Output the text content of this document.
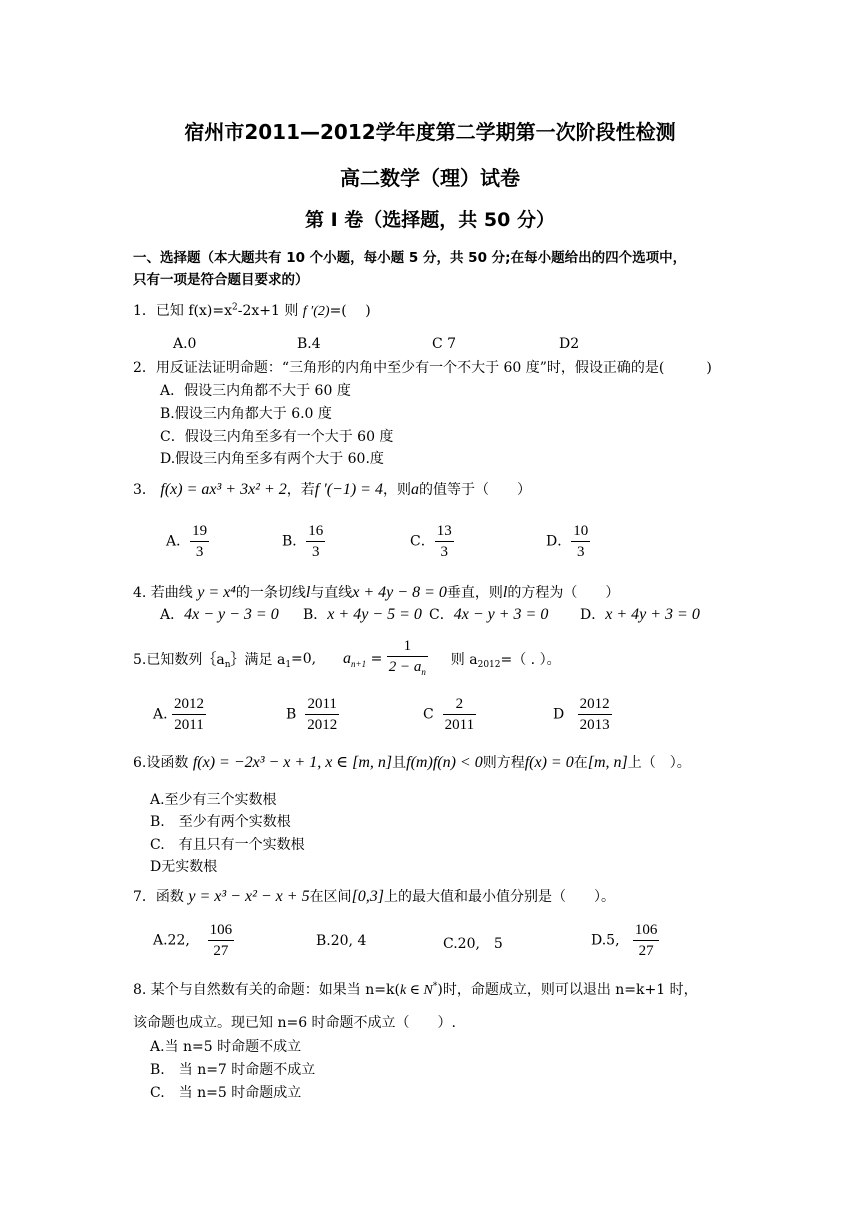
宿州市2011—2012学年度第二学期第一次阶段性检测
高二数学（理）试卷
第 I 卷（选择题，共 50 分）
一、选择题（本大题共有 10 个小题，每小题 5 分，共 50 分;在每小题给出的四个选项中，
只有一项是符合题目要求的）
1．已知 $f(x)=x^2-2x+1$ 则 f ′(2)=(　 )
A.0	B.4	C 7	D2
2．用反证法证明命题：“三角形的内角中至少有一个不大于 60 度”时，假设正确的是(　　　)
A．假设三内角都不大于 60 度
B.假设三内角都大于 6.0 度
C．假设三内角至多有一个大于 60 度
D.假设三内角至多有两个大于 60.度
3． f(x) = ax³ + 3x² + 2，若f ′(−1) = 4，则a的值等于（　　）
A． $\frac{19}{3}$	B． $\frac{16}{3}$	C． $\frac{13}{3}$	D． $\frac{10}{3}$
4. 若曲线 y = x⁴的一条切线l与直线x + 4y − 8 = 0垂直，则l的方程为（　　）
A．4x − y − 3 = 0 B．x + 4y − 5 = 0 C．4x − y + 3 = 0 D．x + 4y + 3 = 0
5.已知数列$\{a_n\}$满足 $a_1=0$, $a_{n+1} = \frac{1}{2 - a_n}$ 则 $a_{2012}=$（ . ）。
A. $\frac{2012}{2011}$	B $\frac{2011}{2012}$	C $\frac{2}{2011}$	D $\frac{2012}{2013}$
6.设函数 f(x) = −2x³ − x + 1, x ∈ [m, n]且f(m)f(n) < 0则方程f(x) = 0在[m, n]上（　）。
A.至少有三个实数根
B.　至少有两个实数根
C.　有且只有一个实数根
D无实数根
7．函数 y = x³ − x² − x + 5在区间[0,3]上的最大值和最小值分别是（　　）。
A.22, $\frac{106}{27}$	B.20, 4	C.20,　5	D.5, $\frac{106}{27}$
8. 某个与自然数有关的命题：如果当 n=k(k ∈ N*)时，命题成立，则可以退出 n=k+1 时，
该命题也成立。现已知 n=6 时命题不成立（　　）.
A.当 n=5 时命题不成立
B.　当 n=7 时命题不成立
C.　当 n=5 时命题成立
